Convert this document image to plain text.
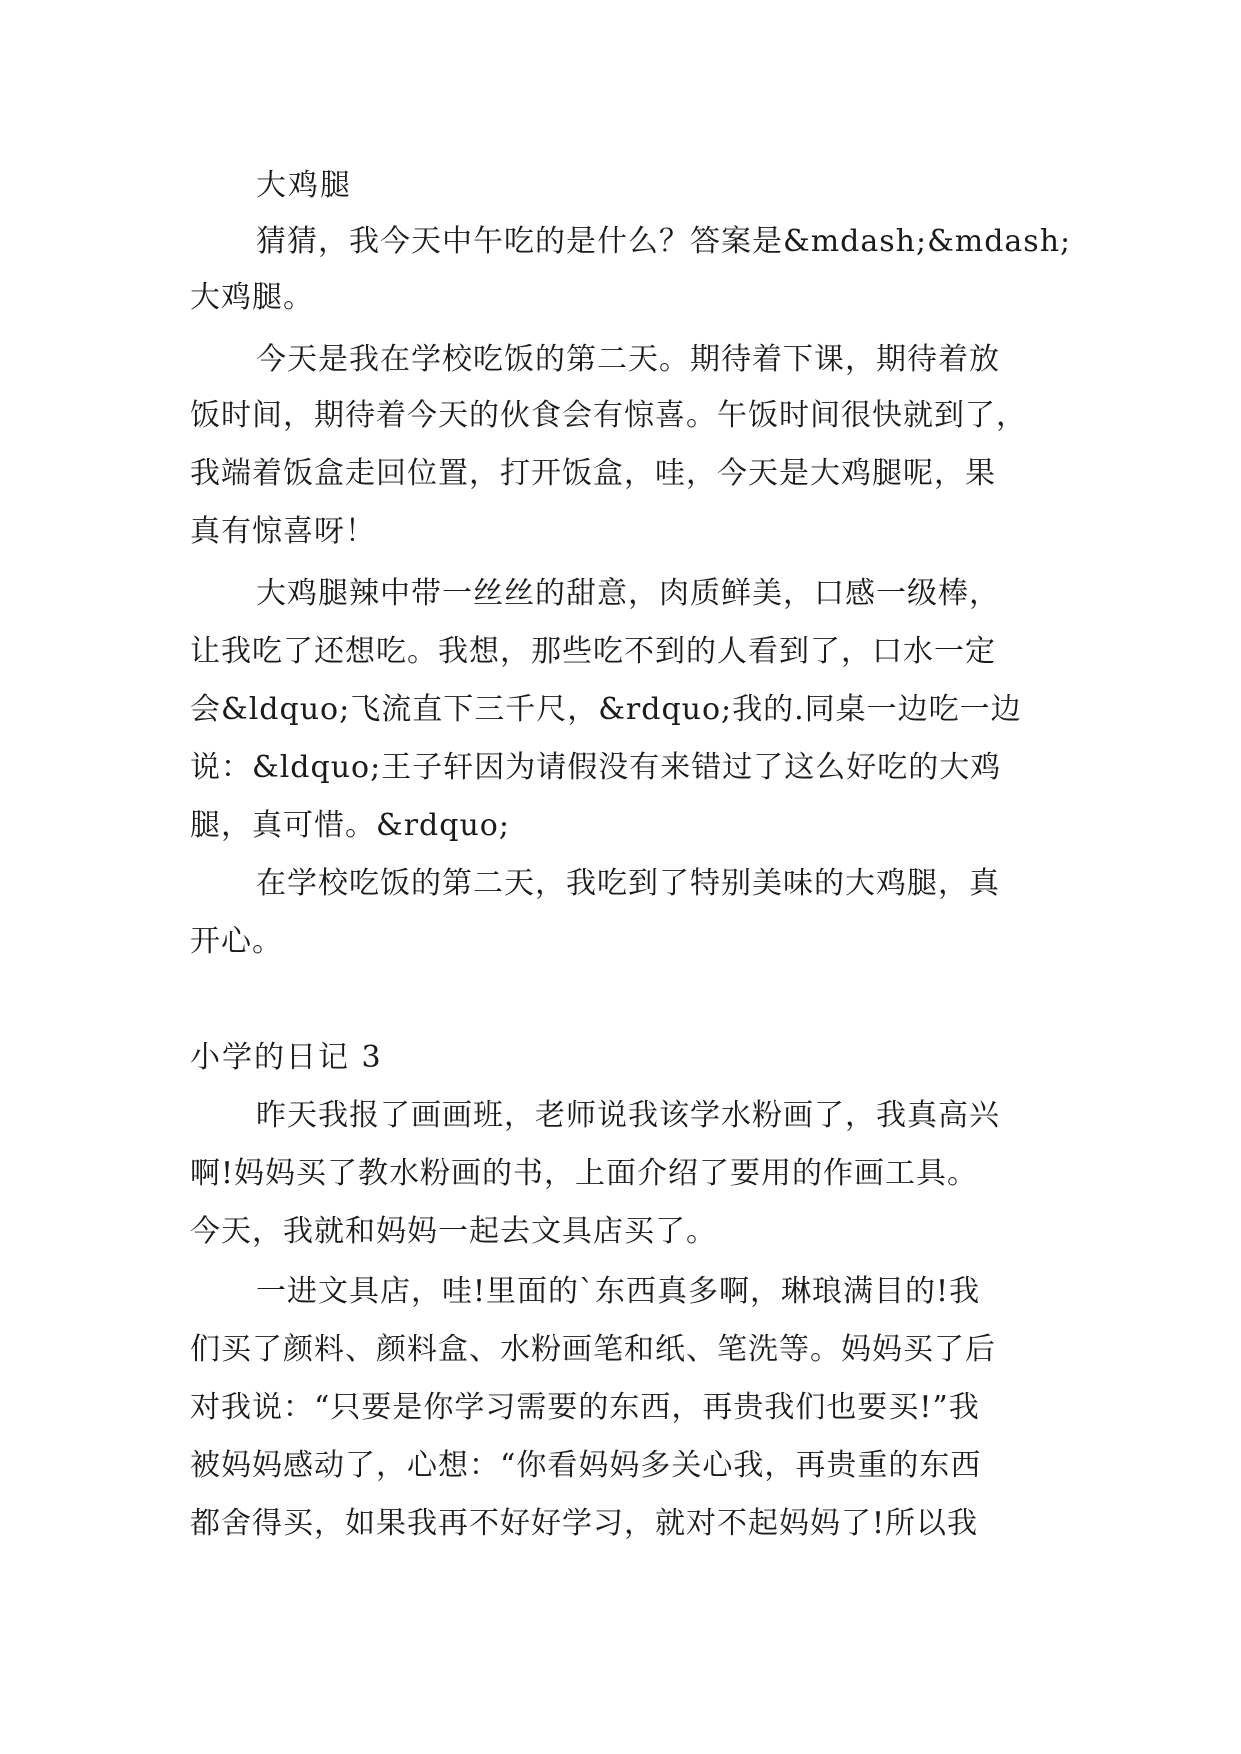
大鸡腿
猜猜，我今天中午吃的是什么？答案是&mdash;&mdash;
大鸡腿。
今天是我在学校吃饭的第二天。期待着下课，期待着放
饭时间，期待着今天的伙食会有惊喜。午饭时间很快就到了，
我端着饭盒走回位置，打开饭盒，哇，今天是大鸡腿呢，果
真有惊喜呀！
大鸡腿辣中带一丝丝的甜意，肉质鲜美，口感一级棒，
让我吃了还想吃。我想，那些吃不到的人看到了，口水一定
会&ldquo;飞流直下三千尺，&rdquo;我的.同桌一边吃一边
说：&ldquo;王子轩因为请假没有来错过了这么好吃的大鸡
腿，真可惜。&rdquo;
在学校吃饭的第二天，我吃到了特别美味的大鸡腿，真
开心。
小学的日记 3
昨天我报了画画班，老师说我该学水粉画了，我真高兴
啊!妈妈买了教水粉画的书，上面介绍了要用的作画工具。
今天，我就和妈妈一起去文具店买了。
一进文具店，哇!里面的`东西真多啊，琳琅满目的!我
们买了颜料、颜料盒、水粉画笔和纸、笔洗等。妈妈买了后
对我说：“只要是你学习需要的东西，再贵我们也要买!”我
被妈妈感动了，心想：“你看妈妈多关心我，再贵重的东西
都舍得买，如果我再不好好学习，就对不起妈妈了!所以我
